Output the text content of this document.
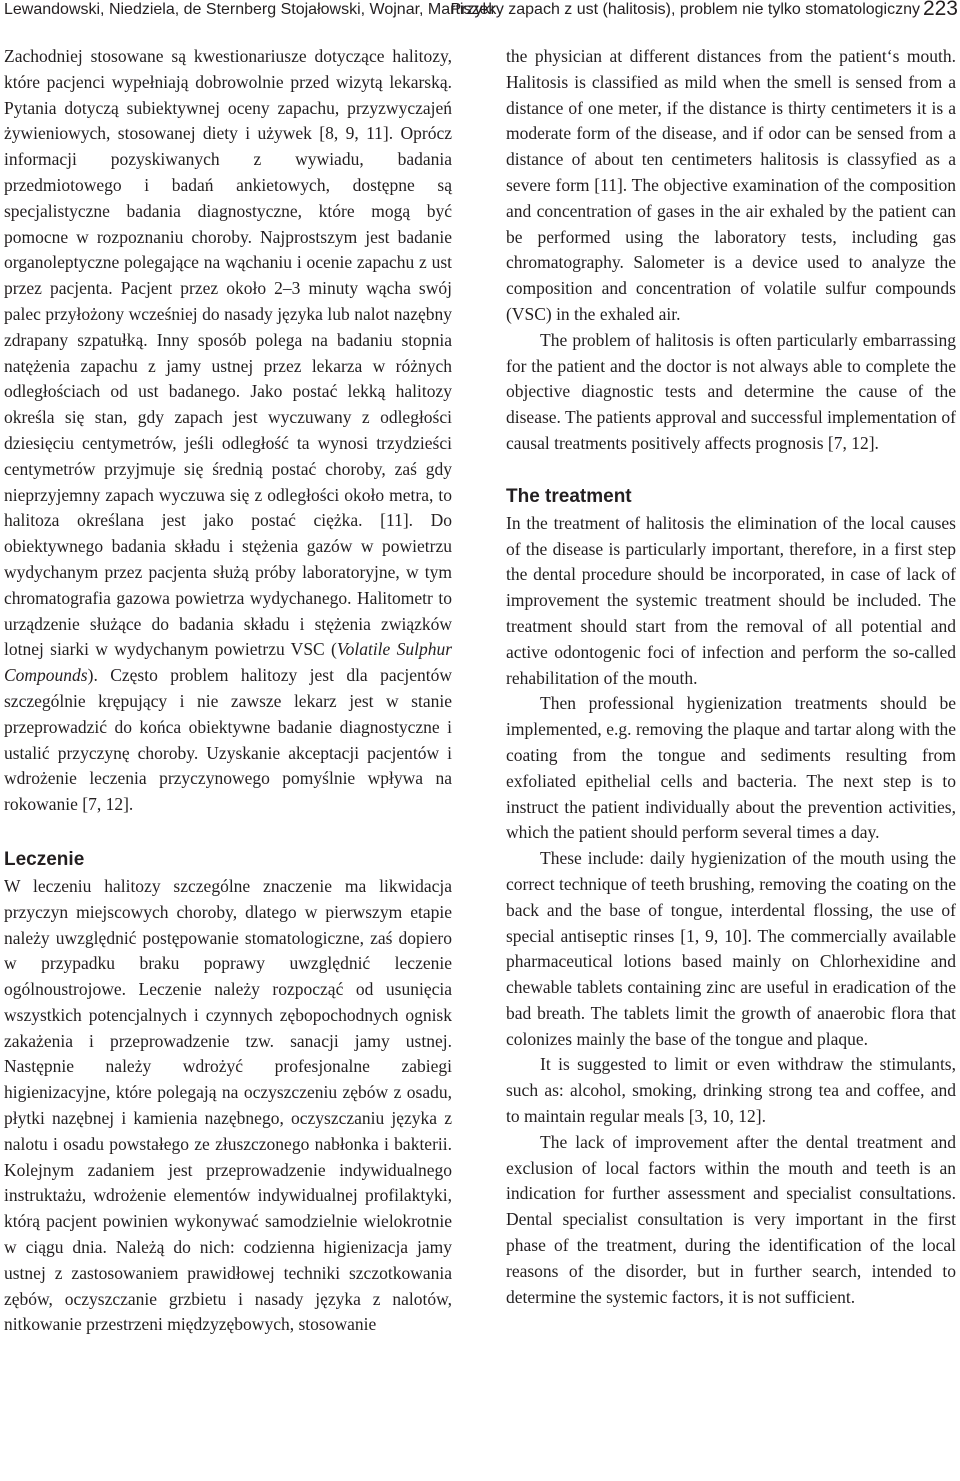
Lewandowski, Niedziela, de Sternberg Stojałowski, Wojnar, Martiszek
Przykry zapach z ust (halitosis), problem nie tylko stomatologiczny 223

Zachodniej stosowane są kwestionariusze dotyczące halitozy, które pacjenci wypełniają dobrowolnie przed wizytą lekarską. Pytania dotyczą subiektywnej oceny zapachu, przyzwyczajeń żywieniowych, stosowanej diety i używek [8, 9, 11]. Oprócz informacji pozyskiwanych z wywiadu, badania przedmiotowego i badań ankietowych, dostępne są specjalistyczne badania diagnostyczne, które mogą być pomocne w rozpoznaniu choroby. Najprostszym jest badanie organoleptyczne polegające na wąchaniu i ocenie zapachu z ust przez pacjenta. Pacjent przez około 2–3 minuty wącha swój palec przyłożony wcześniej do nasady języka lub nalot nazębny zdrapany szpatułką. Inny sposób polega na badaniu stopnia natężenia zapachu z jamy ustnej przez lekarza w różnych odległościach od ust badanego. Jako postać lekką halitozy określa się stan, gdy zapach jest wyczuwany z odległości dziesięciu centymetrów, jeśli odległość ta wynosi trzydzieści centymetrów przyjmuje się średnią postać choroby, zaś gdy nieprzyjemny zapach wyczuwa się z odległości około metra, to halitoza określana jest jako postać ciężka. [11]. Do obiektywnego badania składu i stężenia gazów w powietrzu wydychanym przez pacjenta służą próby laboratoryjne, w tym chromatografia gazowa powietrza wydychanego. Halitometr to urządzenie służące do badania składu i stężenia związków lotnej siarki w wydychanym powietrzu VSC (Volatile Sulphur Compounds). Często problem halitozy jest dla pacjentów szczególnie krępujący i nie zawsze lekarz jest w stanie przeprowadzić do końca obiektywne badanie diagnostyczne i ustalić przyczynę choroby. Uzyskanie akceptacji pacjentów i wdrożenie leczenia przyczynowego pomyślnie wpływa na rokowanie [7, 12].

Leczenie

W leczeniu halitozy szczególne znaczenie ma likwidacja przyczyn miejscowych choroby, dlatego w pierwszym etapie należy uwzględnić postępowanie stomatologiczne, zaś dopiero w przypadku braku poprawy uwzględnić leczenie ogólnoustrojowe. Leczenie należy rozpocząć od usunięcia wszystkich potencjalnych i czynnych zębopochodnych ognisk zakażenia i przeprowadzenie tzw. sanacji jamy ustnej. Następnie należy wdrożyć profesjonalne zabiegi higienizacyjne, które polegają na oczyszczeniu zębów z osadu, płytki nazębnej i kamienia nazębnego, oczyszczaniu języka z nalotu i osadu powstałego ze złuszczonego nabłonka i bakterii. Kolejnym zadaniem jest przeprowadzenie indywidualnego instruktażu, wdrożenie elementów indywidualnej profilaktyki, którą pacjent powinien wykonywać samodzielnie wielokrotnie w ciągu dnia. Należą do nich: codzienna higienizacja jamy ustnej z zastosowaniem prawidłowej techniki szczotkowania zębów, oczyszczanie grzbietu i nasady języka z nalotów, nitkowanie przestrzeni międzyzębowych, stosowanie

the physician at different distances from the patient‘s mouth. Halitosis is classified as mild when the smell is sensed from a distance of one meter, if the distance is thirty centimeters it is a moderate form of the disease, and if odor can be sensed from a distance of about ten centimeters halitosis is classyfied as a severe form [11]. The objective examination of the composition and concentration of gases in the air exhaled by the patient can be performed using the laboratory tests, including gas chromatography. Salometer is a device used to analyze the composition and concentration of volatile sulfur compounds (VSC) in the exhaled air.

The problem of halitosis is often particularly embarrassing for the patient and the doctor is not always able to complete the objective diagnostic tests and determine the cause of the disease. The patients approval and successful implementation of causal treatments positively affects prognosis [7, 12].

The treatment

In the treatment of halitosis the elimination of the local causes of the disease is particularly important, therefore, in a first step the dental procedure should be incorporated, in case of lack of improvement the systemic treatment should be included. The treatment should start from the removal of all potential and active odontogenic foci of infection and perform the so-called rehabilitation of the mouth.

Then professional hygienization treatments should be implemented, e.g. removing the plaque and tartar along with the coating from the tongue and sediments resulting from exfoliated epithelial cells and bacteria. The next step is to instruct the patient individually about the prevention activities, which the patient should perform several times a day.

These include: daily hygienization of the mouth using the correct technique of teeth brushing, removing the coating on the back and the base of tongue, interdental flossing, the use of special antiseptic rinses [1, 9, 10]. The commercially available pharmaceutical lotions based mainly on Chlorhexidine and chewable tablets containing zinc are useful in eradication of the bad breath. The tablets limit the growth of anaerobic flora that colonizes mainly the base of the tongue and plaque.

It is suggested to limit or even withdraw the stimulants, such as: alcohol, smoking, drinking strong tea and coffee, and to maintain regular meals [3, 10, 12].

The lack of improvement after the dental treatment and exclusion of local factors within the mouth and teeth is an indication for further assessment and specialist consultations. Dental specialist consultation is very important in the first phase of the treatment, during the identification of the local reasons of the disorder, but in further search, intended to determine the systemic factors, it is not sufficient.
